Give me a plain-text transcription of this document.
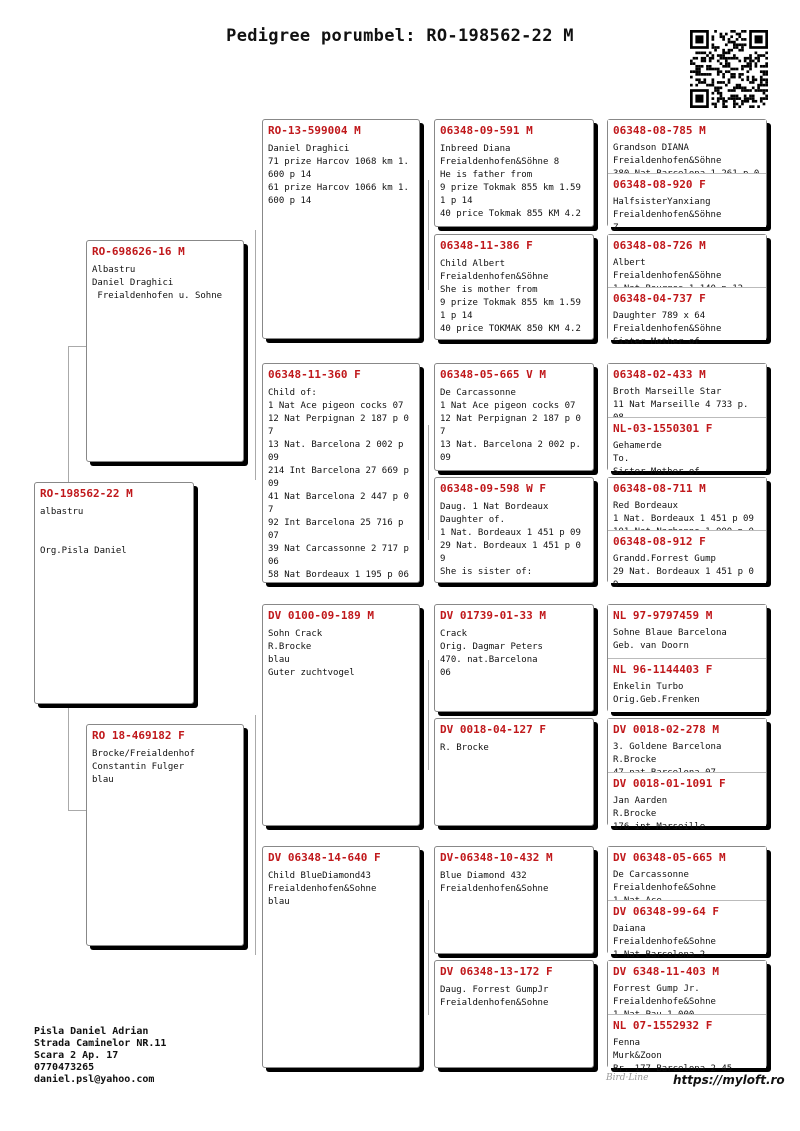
Pedigree porumbel: RO-198562-22 M
RO-198562-22 M
albastru

Org.Pisla Daniel
RO-698626-16 M
Albastru
Daniel Draghici
Freialdenhofen u. Sohne
RO 18-469182 F
Brocke/Freialdenhof
Constantin Fulger
blau
RO-13-599004 M
Daniel Draghici
71 prize Harcov 1068 km 1. 600 p 14
61 prize Harcov 1066 km 1. 600 p 14
06348-11-360 F
Child of:
1 Nat Ace pigeon cocks 07
12 Nat Perpignan 2 187 p 0 7
13 Nat. Barcelona 2 002 p 09
214 Int Barcelona 27 669 p 09
41 Nat Barcelona 2 447 p 0 7
92 Int Barcelona 25 716 p 07
39 Nat Carcassonne 2 717 p 06
58 Nat Bordeaux 1 195 p 06
DV 0100-09-189 M
Sohn Crack
R.Brocke
blau
Guter zuchtvogel
DV 06348-14-640 F
Child BlueDiamond43
Freialdenhofen&Sohne
blau
06348-09-591 M
Inbreed Diana
Freialdenhofen&Söhne 8
He is father from
9 prize Tokmak 855 km 1.59 1 p 14
40 price Tokmak 855 KM 4.2
06348-11-386 F
Child Albert
Freialdenhofen&Söhne
She is mother from
9 prize Tokmak 855 km 1.59 1 p 14
40 price TOKMAK 850 KM 4.2
06348-05-665 V M
De Carcassonne
1 Nat Ace pigeon cocks 07
12 Nat Perpignan 2 187 p 0 7
13 Nat. Barcelona 2 002 p. 09
06348-09-598 W F
Daug. 1 Nat Bordeaux
Daughter of.
1 Nat. Bordeaux 1 451 p 09
29 Nat. Bordeaux 1 451 p 0 9
She is sister of:
DV 01739-01-33 M
Crack
Orig. Dagmar Peters
470. nat.Barcelona
06
DV 0018-04-127 F
R. Brocke
DV-06348-10-432 M
Blue Diamond 432
Freialdenhofen&Sohne
DV 06348-13-172 F
Daug. Forrest GumpJr
Freialdenhofen&Sohne
06348-08-785 M
Grandson DIANA
Freialdenhofen&Söhne

06348-08-920 F
HalfsisterYanxiang
Freialdenhofen&Söhne
Z
06348-08-726 M
Albert
Freialdenhofen&Söhne

06348-04-737 F
Daughter 789 x 64
Freialdenhofen&Söhne
Sister Mother of
06348-02-433 M
Broth Marseille Star
11 Nat Marseille 4 733 p.
NL-03-1550301 F
Gehamerde
To.
Sister Mother of
06348-08-711 M
Red Bordeaux
1 Nat. Bordeaux 1 451 p 09

06348-08-912 F
Grandd.Forrest Gump
29 Nat. Bordeaux 1 451 p 0 9
NL 97-9797459 M
Sohne Blaue Barcelona
Geb. van Doorn
NL 96-1144403 F
Enkelin Turbo
Orig.Geb.Frenken
DV 0018-02-278 M
3. Goldene Barcelona
R.Brocke

DV 0018-01-1091 F
Jan Aarden
R.Brocke
176 int Marseille
DV 06348-05-665 M
De Carcassonne
Freialdenhofe&Sohne

DV 06348-99-64 F
Daiana
Freialdenhofe&Sohne
1 Nat Barcelona 2
DV 6348-11-403 M
Forrest Gump Jr.
Freialdenhofe&Sohne

NL 07-1552932 F
Fenna
Murk&Zoon
Br. 177 Barcelona 2 45
Pisla Daniel Adrian
Strada Caminelor NR.11
Scara 2 Ap. 17
0770473265
daniel.psl@yahoo.com	Bird·Line https://myloft.ro
